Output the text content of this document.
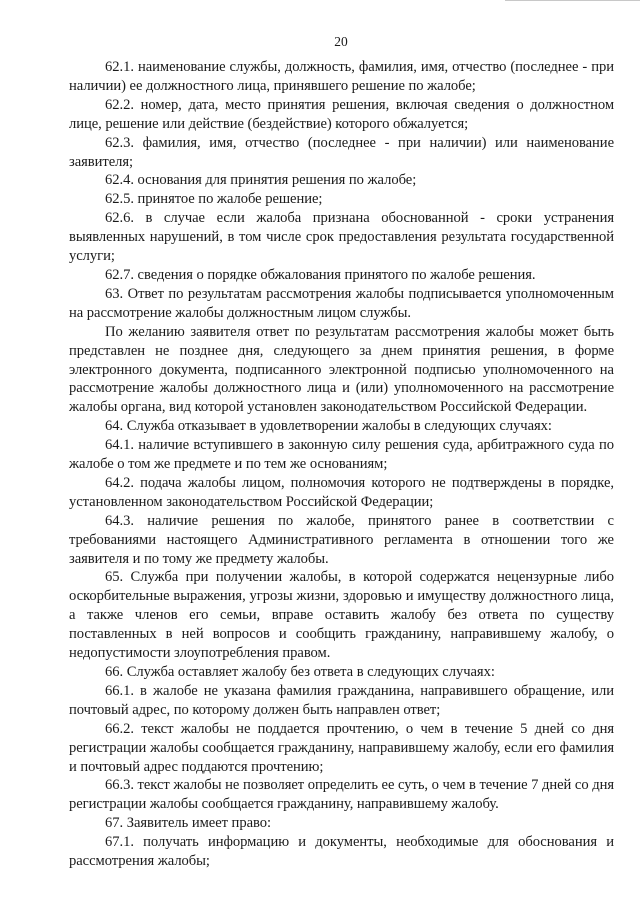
20

62.1. наименование службы, должность, фамилия, имя, отчество (последнее - при наличии) ее должностного лица, принявшего решение по жалобе;

62.2. номер, дата, место принятия решения, включая сведения о должностном лице, решение или действие (бездействие) которого обжалуется;

62.3. фамилия, имя, отчество (последнее - при наличии) или наименование заявителя;

62.4. основания для принятия решения по жалобе;

62.5. принятое по жалобе решение;

62.6. в случае если жалоба признана обоснованной - сроки устранения выявленных нарушений, в том числе срок предоставления результата государственной услуги;

62.7. сведения о порядке обжалования принятого по жалобе решения.

63. Ответ по результатам рассмотрения жалобы подписывается уполномоченным на рассмотрение жалобы должностным лицом службы.

По желанию заявителя ответ по результатам рассмотрения жалобы может быть представлен не позднее дня, следующего за днем принятия решения, в форме электронного документа, подписанного электронной подписью уполномоченного на рассмотрение жалобы должностного лица и (или) уполномоченного на рассмотрение жалобы органа, вид которой установлен законодательством Российской Федерации.

64. Служба отказывает в удовлетворении жалобы в следующих случаях:

64.1. наличие вступившего в законную силу решения суда, арбитражного суда по жалобе о том же предмете и по тем же основаниям;

64.2. подача жалобы лицом, полномочия которого не подтверждены в порядке, установленном законодательством Российской Федерации;

64.3. наличие решения по жалобе, принятого ранее в соответствии с требованиями настоящего Административного регламента в отношении того же заявителя и по тому же предмету жалобы.

65. Служба при получении жалобы, в которой содержатся нецензурные либо оскорбительные выражения, угрозы жизни, здоровью и имуществу должностного лица, а также членов его семьи, вправе оставить жалобу без ответа по существу поставленных в ней вопросов и сообщить гражданину, направившему жалобу, о недопустимости злоупотребления правом.

66. Служба оставляет жалобу без ответа в следующих случаях:

66.1. в жалобе не указана фамилия гражданина, направившего обращение, или почтовый адрес, по которому должен быть направлен ответ;

66.2. текст жалобы не поддается прочтению, о чем в течение 5 дней со дня регистрации жалобы сообщается гражданину, направившему жалобу, если его фамилия и почтовый адрес поддаются прочтению;

66.3. текст жалобы не позволяет определить ее суть, о чем в течение 7 дней со дня регистрации жалобы сообщается гражданину, направившему жалобу.

67. Заявитель имеет право:

67.1. получать информацию и документы, необходимые для обоснования и рассмотрения жалобы;
